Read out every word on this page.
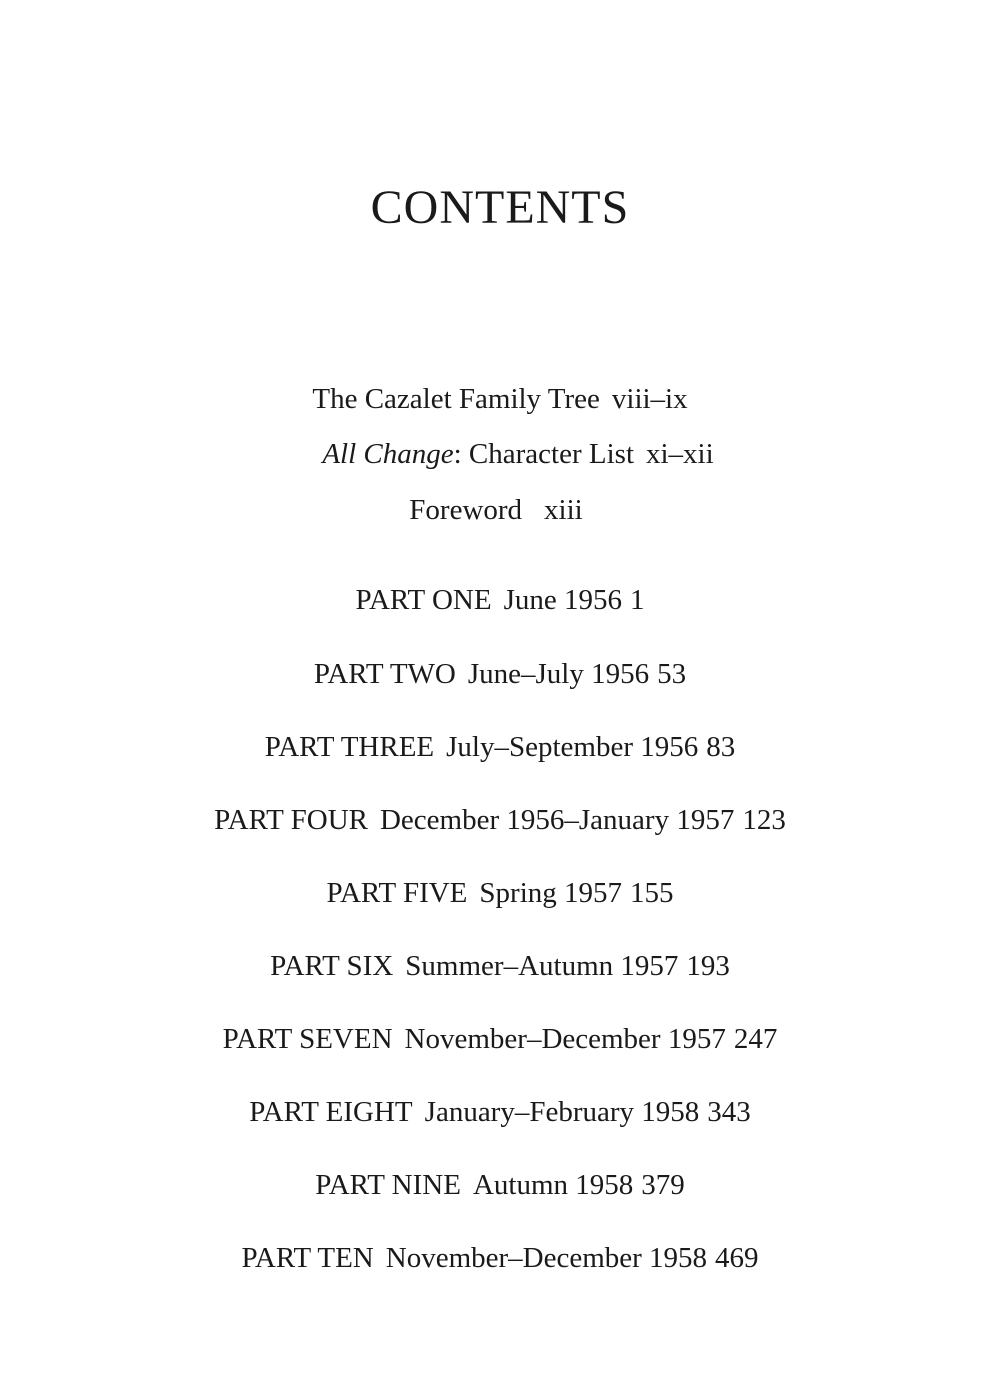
CONTENTS
The Cazalet Family Tree viii–ix
All Change: Character List xi–xii
Foreword xiii
PART ONE June 1956 1
PART TWO June–July 1956 53
PART THREE July–September 1956 83
PART FOUR December 1956–January 1957 123
PART FIVE Spring 1957 155
PART SIX Summer–Autumn 1957 193
PART SEVEN November–December 1957 247
PART EIGHT January–February 1958 343
PART NINE Autumn 1958 379
PART TEN November–December 1958 469
